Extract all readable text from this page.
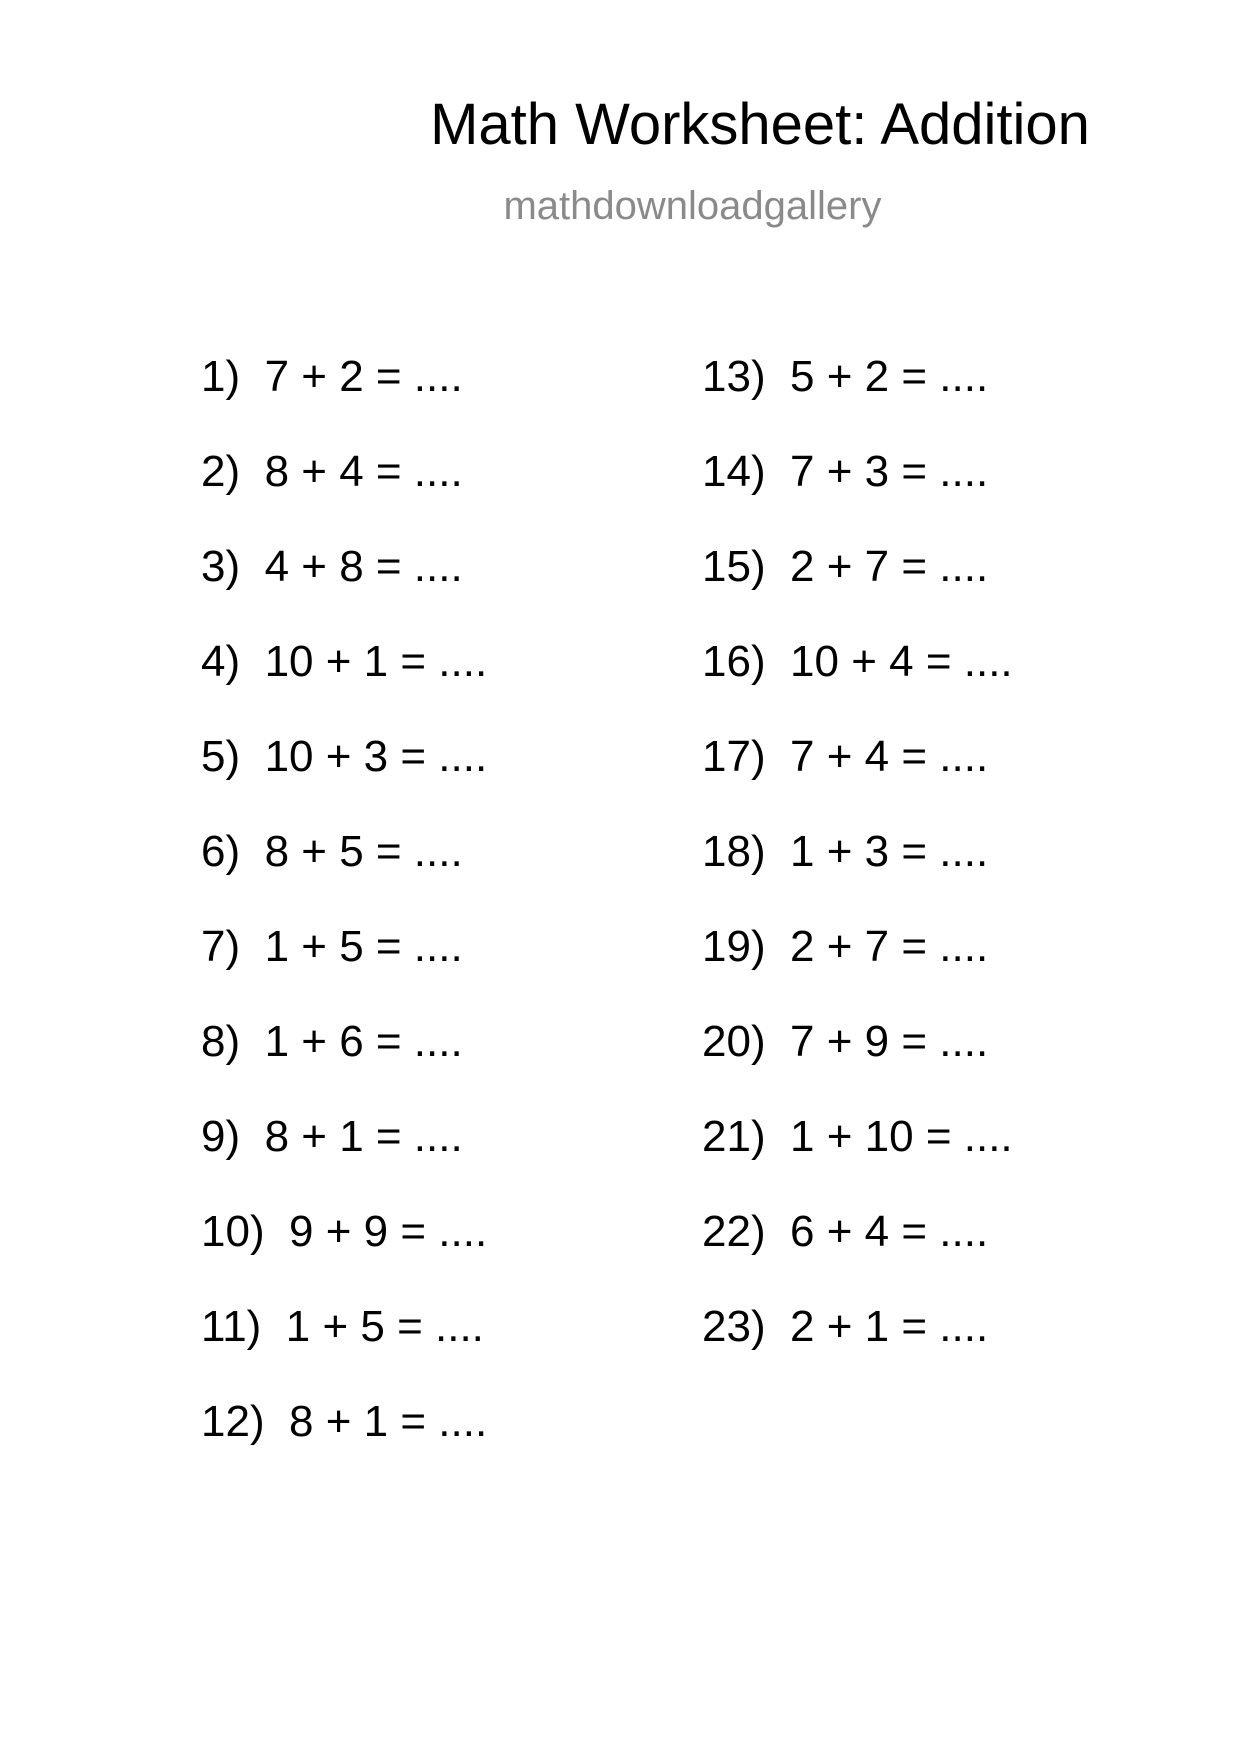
Math Worksheet: Addition
mathdownloadgallery
1)  7 + 2 = ....
2)  8 + 4 = ....
3)  4 + 8 = ....
4)  10 + 1 = ....
5)  10 + 3 = ....
6)  8 + 5 = ....
7)  1 + 5 = ....
8)  1 + 6 = ....
9)  8 + 1 = ....
10)  9 + 9 = ....
11)  1 + 5 = ....
12)  8 + 1 = ....
13)  5 + 2 = ....
14)  7 + 3 = ....
15)  2 + 7 = ....
16)  10 + 4 = ....
17)  7 + 4 = ....
18)  1 + 3 = ....
19)  2 + 7 = ....
20)  7 + 9 = ....
21)  1 + 10 = ....
22)  6 + 4 = ....
23)  2 + 1 = ....
